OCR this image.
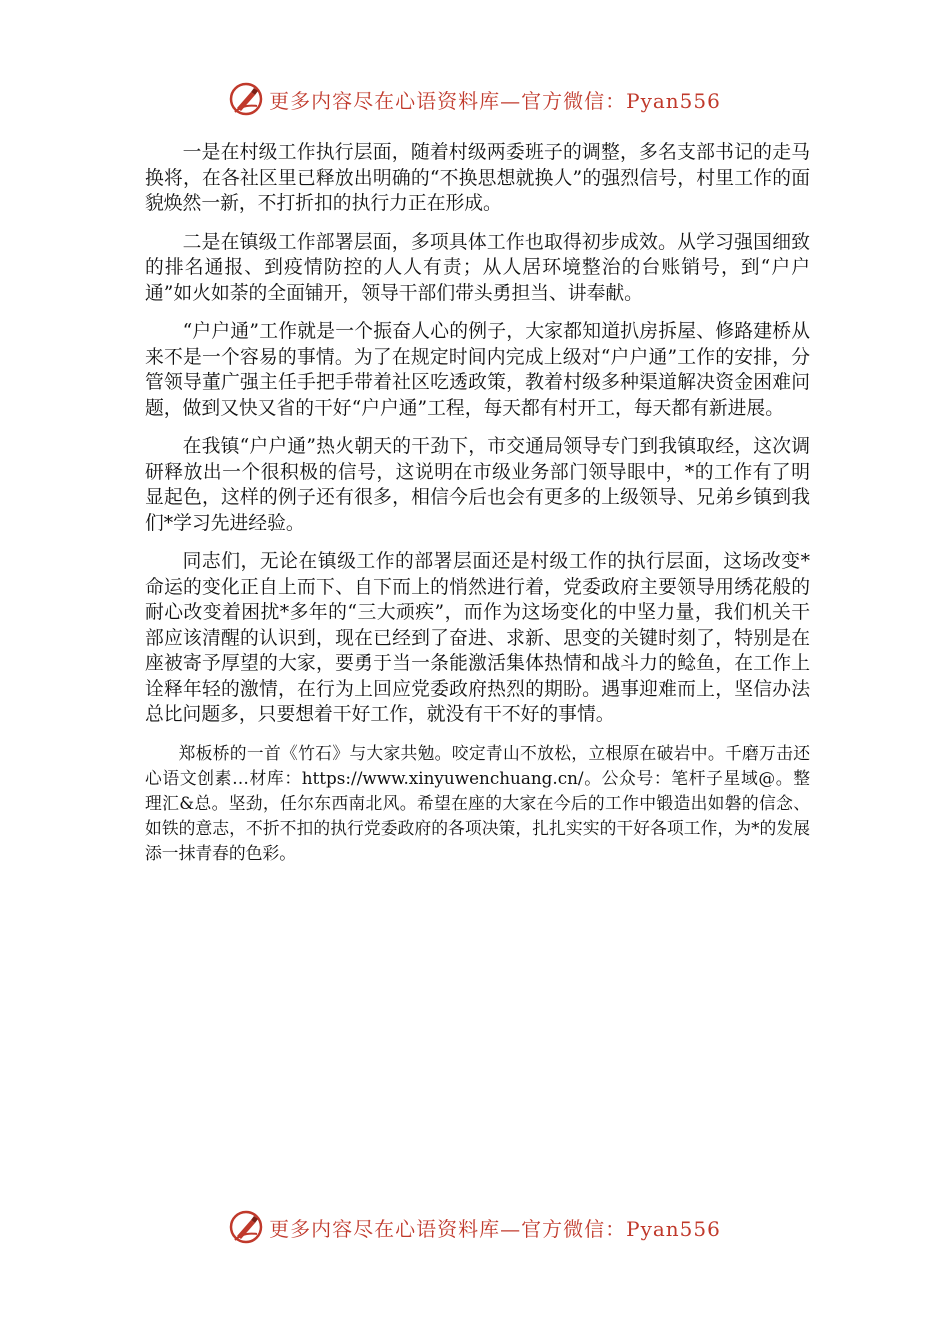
更多内容尽在心语资料库—官方微信：Pyan556

一是在村级工作执行层面，随着村级两委班子的调整，多名支部书记的走马换将，在各社区里已释放出明确的“不换思想就换人”的强烈信号，村里工作的面貌焕然一新，不打折扣的执行力正在形成。

二是在镇级工作部署层面，多项具体工作也取得初步成效。从学习强国细致的排名通报、到疫情防控的人人有责；从人居环境整治的台账销号，到“户户通”如火如荼的全面铺开，领导干部们带头勇担当、讲奉献。

“户户通”工作就是一个振奋人心的例子，大家都知道扒房拆屋、修路建桥从来不是一个容易的事情。为了在规定时间内完成上级对“户户通”工作的安排，分管领导董广强主任手把手带着社区吃透政策，教着村级多种渠道解决资金困难问题，做到又快又省的干好“户户通”工程，每天都有村开工，每天都有新进展。

在我镇“户户通”热火朝天的干劲下，市交通局领导专门到我镇取经，这次调研释放出一个很积极的信号，这说明在市级业务部门领导眼中，*的工作有了明显起色，这样的例子还有很多，相信今后也会有更多的上级领导、兄弟乡镇到我们*学习先进经验。

同志们，无论在镇级工作的部署层面还是村级工作的执行层面，这场改变*命运的变化正自上而下、自下而上的悄然进行着，党委政府主要领导用绣花般的耐心改变着困扰*多年的“三大顽疾”，而作为这场变化的中坚力量，我们机关干部应该清醒的认识到，现在已经到了奋进、求新、思变的关键时刻了，特别是在座被寄予厚望的大家，要勇于当一条能激活集体热情和战斗力的鲶鱼，在工作上诠释年轻的激情，在行为上回应党委政府热烈的期盼。遇事迎难而上，坚信办法总比问题多，只要想着干好工作，就没有干不好的事情。

郑板桥的一首《竹石》与大家共勉。咬定青山不放松，立根原在破岩中。千磨万击还心语文创素…材库：https://www.xinyuwenchuang.cn/。公众号：笔杆子星域@。整理汇&总。坚劲，任尔东西南北风。希望在座的大家在今后的工作中锻造出如磐的信念、如铁的意志，不折不扣的执行党委政府的各项决策，扎扎实实的干好各项工作，为*的发展添一抹青春的色彩。

更多内容尽在心语资料库—官方微信：Pyan556
